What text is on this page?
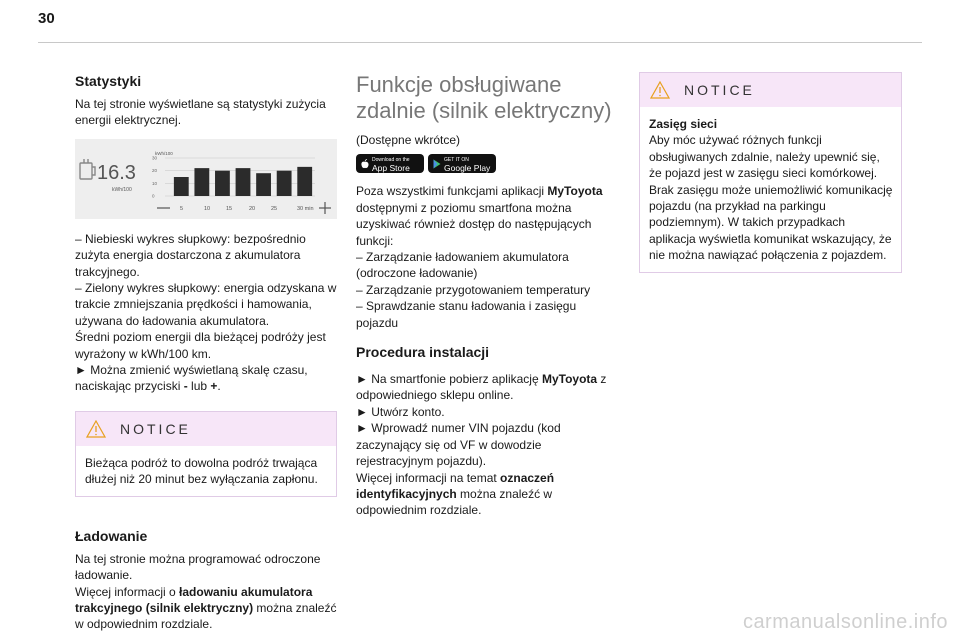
30
Statystyki

Na tej stronie wyświetlane są statystyki zużycia energii elektrycznej.

16.3
kWh/100
kWh/100
30
20
10
0
5	10	15	20	25	30 min

– Niebieski wykres słupkowy: bezpośrednio zużyta energia dostarczona z akumulatora trakcyjnego.

– Zielony wykres słupkowy: energia odzyskana w trakcie zmniejszania prędkości i hamowania, używana do ładowania akumulatora.

Średni poziom energii dla bieżącej podróży jest wyrażony w kWh/100 km.

► Można zmienić wyświetlaną skalę czasu, naciskając przyciski - lub +.

NOTICE
Bieżąca podróż to dowolna podróż trwająca dłużej niż 20 minut bez wyłączania zapłonu.
Ładowanie

Na tej stronie można programować odroczone ładowanie.

Więcej informacji o ładowaniu akumulatora trakcyjnego (silnik elektryczny) można znaleźć w odpowiednim rozdziale.

Funkcje obsługiwane zdalnie (silnik elektryczny)

(Dostępne wkrótce)

Download on the
App Store
GET IT ON
Google Play

Poza wszystkimi funkcjami aplikacji MyToyota dostępnymi z poziomu smartfona można uzyskiwać również dostęp do następujących funkcji:

– Zarządzanie ładowaniem akumulatora (odroczone ładowanie)

– Zarządzanie przygotowaniem temperatury

– Sprawdzanie stanu ładowania i zasięgu pojazdu

Procedura instalacji

► Na smartfonie pobierz aplikację MyToyota z odpowiedniego sklepu online.

► Utwórz konto.

► Wprowadź numer VIN pojazdu (kod zaczynający się od VF w dowodzie rejestracyjnym pojazdu).

Więcej informacji na temat oznaczeń identyfikacyjnych można znaleźć w odpowiednim rozdziale.

NOTICE
Zasięg sieci
Aby móc używać różnych funkcji obsługiwanych zdalnie, należy upewnić się, że pojazd jest w zasięgu sieci komórkowej. Brak zasięgu może uniemożliwić komunikację pojazdu (na przykład na parkingu podziemnym). W takich przypadkach aplikacja wyświetla komunikat wskazujący, że nie można nawiązać połączenia z pojazdem.
carmanualsonline.info
